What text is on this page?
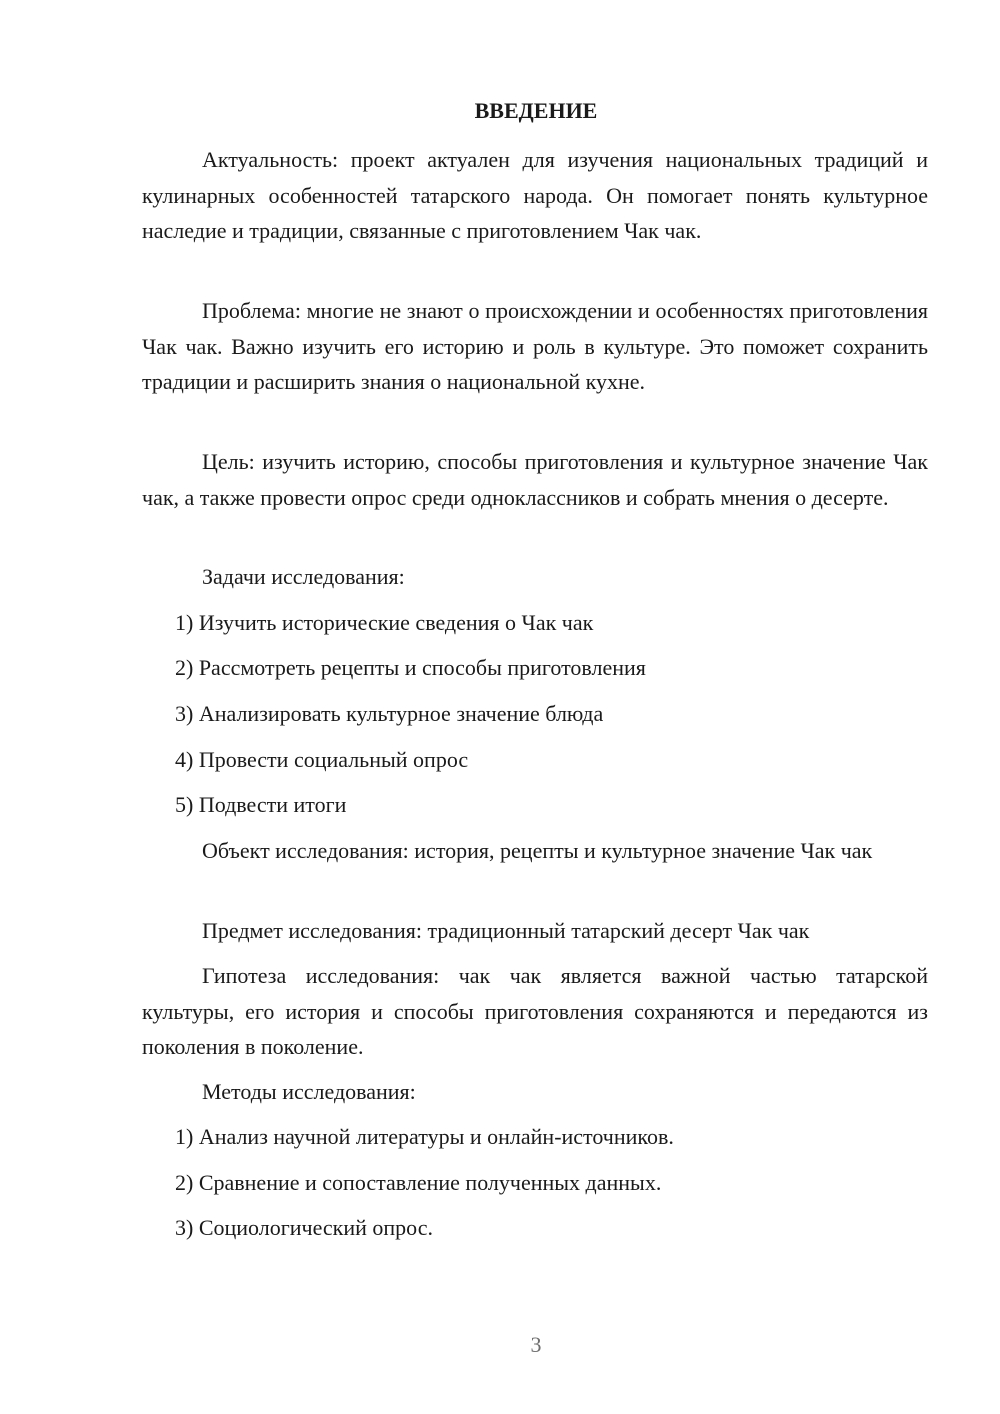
ВВЕДЕНИЕ

Актуальность: проект актуален для изучения национальных традиций и кулинарных особенностей татарского народа. Он помогает понять культурное наследие и традиции, связанные с приготовлением Чак чак.

Проблема: многие не знают о происхождении и особенностях приготовления Чак чак. Важно изучить его историю и роль в культуре. Это поможет сохранить традиции и расширить знания о национальной кухне.

Цель: изучить историю, способы приготовления и культурное значение Чак чак, а также провести опрос среди одноклассников и собрать мнения о десерте.

Задачи исследования:

1) Изучить исторические сведения о Чак чак

2) Рассмотреть рецепты и способы приготовления

3) Анализировать культурное значение блюда

4) Провести социальный опрос

5) Подвести итоги

Объект исследования: история, рецепты и культурное значение Чак чак

Предмет исследования: традиционный татарский десерт Чак чак

Гипотеза исследования: чак чак является важной частью татарской культуры, его история и способы приготовления сохраняются и передаются из поколения в поколение.

Методы исследования:

1) Анализ научной литературы и онлайн-источников.

2) Сравнение и сопоставление полученных данных.

3) Социологический опрос.

3
